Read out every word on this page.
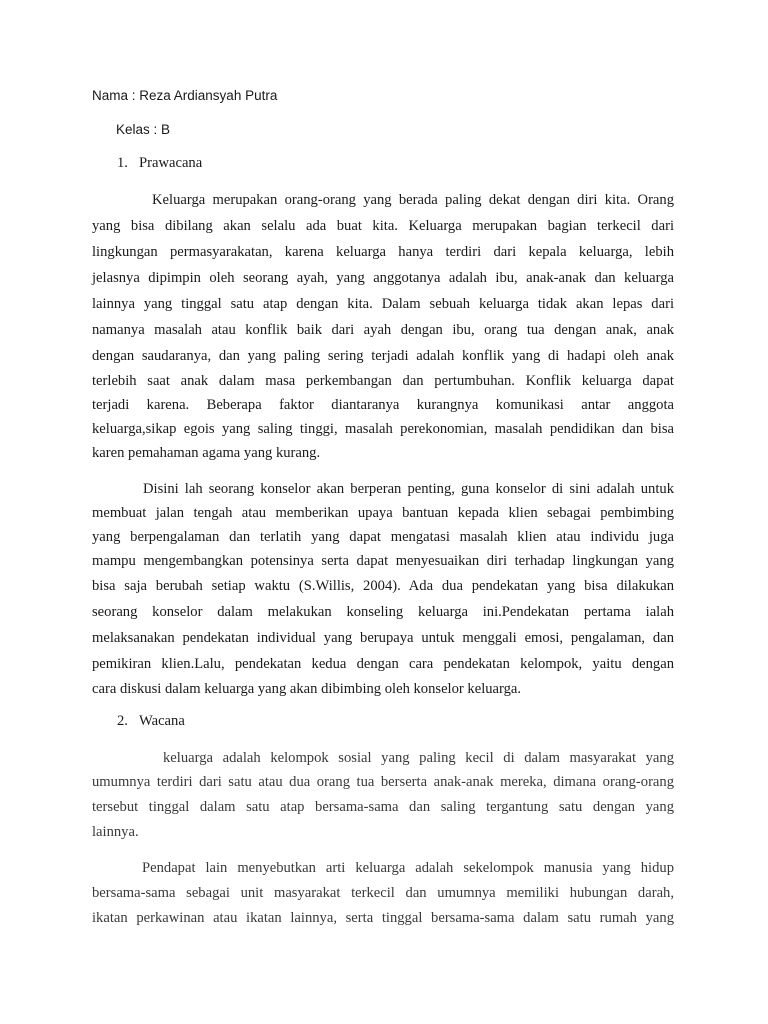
Nama : Reza Ardiansyah Putra
Kelas : B
1. Prawacana
Keluarga merupakan orang-orang yang berada paling dekat dengan diri kita. Orang
yang bisa dibilang akan selalu ada buat kita. Keluarga merupakan bagian terkecil dari
lingkungan permasyarakatan, karena keluarga hanya terdiri dari kepala keluarga, lebih
jelasnya dipimpin oleh seorang ayah, yang anggotanya adalah ibu, anak-anak dan keluarga
lainnya yang tinggal satu atap dengan kita. Dalam sebuah keluarga tidak akan lepas dari
namanya masalah atau konflik baik dari ayah dengan ibu, orang tua dengan anak, anak
dengan saudaranya, dan yang paling sering terjadi adalah konflik yang di hadapi oleh anak
terlebih saat anak dalam masa perkembangan dan pertumbuhan. Konflik keluarga dapat
terjadi karena. Beberapa faktor diantaranya kurangnya komunikasi antar anggota
keluarga,sikap egois yang saling tinggi, masalah perekonomian, masalah pendidikan dan bisa
karen pemahaman agama yang kurang.
Disini lah seorang konselor akan berperan penting, guna konselor di sini adalah untuk
membuat jalan tengah atau memberikan upaya bantuan kepada klien sebagai pembimbing
yang berpengalaman dan terlatih yang dapat mengatasi masalah klien atau individu juga
mampu mengembangkan potensinya serta dapat menyesuaikan diri terhadap lingkungan yang
bisa saja berubah setiap waktu (S.Willis, 2004). Ada dua pendekatan yang bisa dilakukan
seorang konselor dalam melakukan konseling keluarga ini.Pendekatan pertama ialah
melaksanakan pendekatan individual yang berupaya untuk menggali emosi, pengalaman, dan
pemikiran klien.Lalu, pendekatan kedua dengan cara pendekatan kelompok, yaitu dengan
cara diskusi dalam keluarga yang akan dibimbing oleh konselor keluarga.
2. Wacana
keluarga adalah kelompok sosial yang paling kecil di dalam masyarakat yang
umumnya terdiri dari satu atau dua orang tua berserta anak-anak mereka, dimana orang-orang
tersebut tinggal dalam satu atap bersama-sama dan saling tergantung satu dengan yang
lainnya.
Pendapat lain menyebutkan arti keluarga adalah sekelompok manusia yang hidup
bersama-sama sebagai unit masyarakat terkecil dan umumnya memiliki hubungan darah,
ikatan perkawinan atau ikatan lainnya, serta tinggal bersama-sama dalam satu rumah yang
